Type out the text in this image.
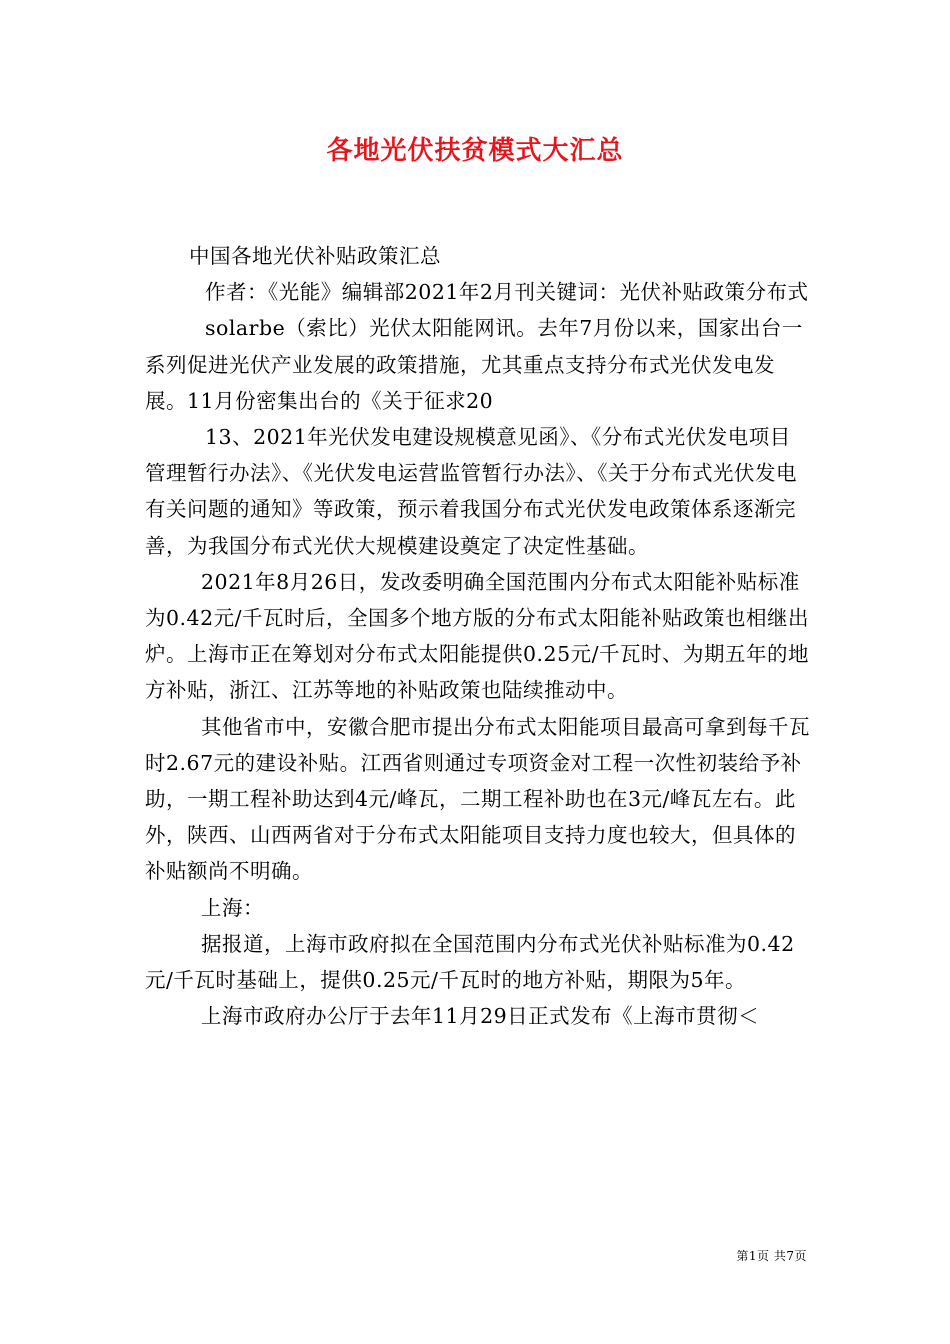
各地光伏扶贫模式大汇总

中国各地光伏补贴政策汇总

作者：《光能》编辑部2021年2月刊关键词：光伏补贴政策分布式

solarbe（索比）光伏太阳能网讯。去年7月份以来，国家出台一系列促进光伏产业发展的政策措施，尤其重点支持分布式光伏发电发展。11月份密集出台的《关于征求20

13、2021年光伏发电建设规模意见函》、《分布式光伏发电项目管理暂行办法》、《光伏发电运营监管暂行办法》、《关于分布式光伏发电有关问题的通知》等政策，预示着我国分布式光伏发电政策体系逐渐完善，为我国分布式光伏大规模建设奠定了决定性基础。

2021年8月26日，发改委明确全国范围内分布式太阳能补贴标准为0.42元/千瓦时后，全国多个地方版的分布式太阳能补贴政策也相继出炉。上海市正在筹划对分布式太阳能提供0.25元/千瓦时、为期五年的地方补贴，浙江、江苏等地的补贴政策也陆续推动中。

其他省市中，安徽合肥市提出分布式太阳能项目最高可拿到每千瓦时2.67元的建设补贴。江西省则通过专项资金对工程一次性初装给予补助，一期工程补助达到4元/峰瓦，二期工程补助也在3元/峰瓦左右。此外，陕西、山西两省对于分布式太阳能项目支持力度也较大，但具体的补贴额尚不明确。

上海：

据报道，上海市政府拟在全国范围内分布式光伏补贴标准为0.42元/千瓦时基础上，提供0.25元/千瓦时的地方补贴，期限为5年。

上海市政府办公厅于去年11月29日正式发布《上海市贯彻＜

第1页 共7页
